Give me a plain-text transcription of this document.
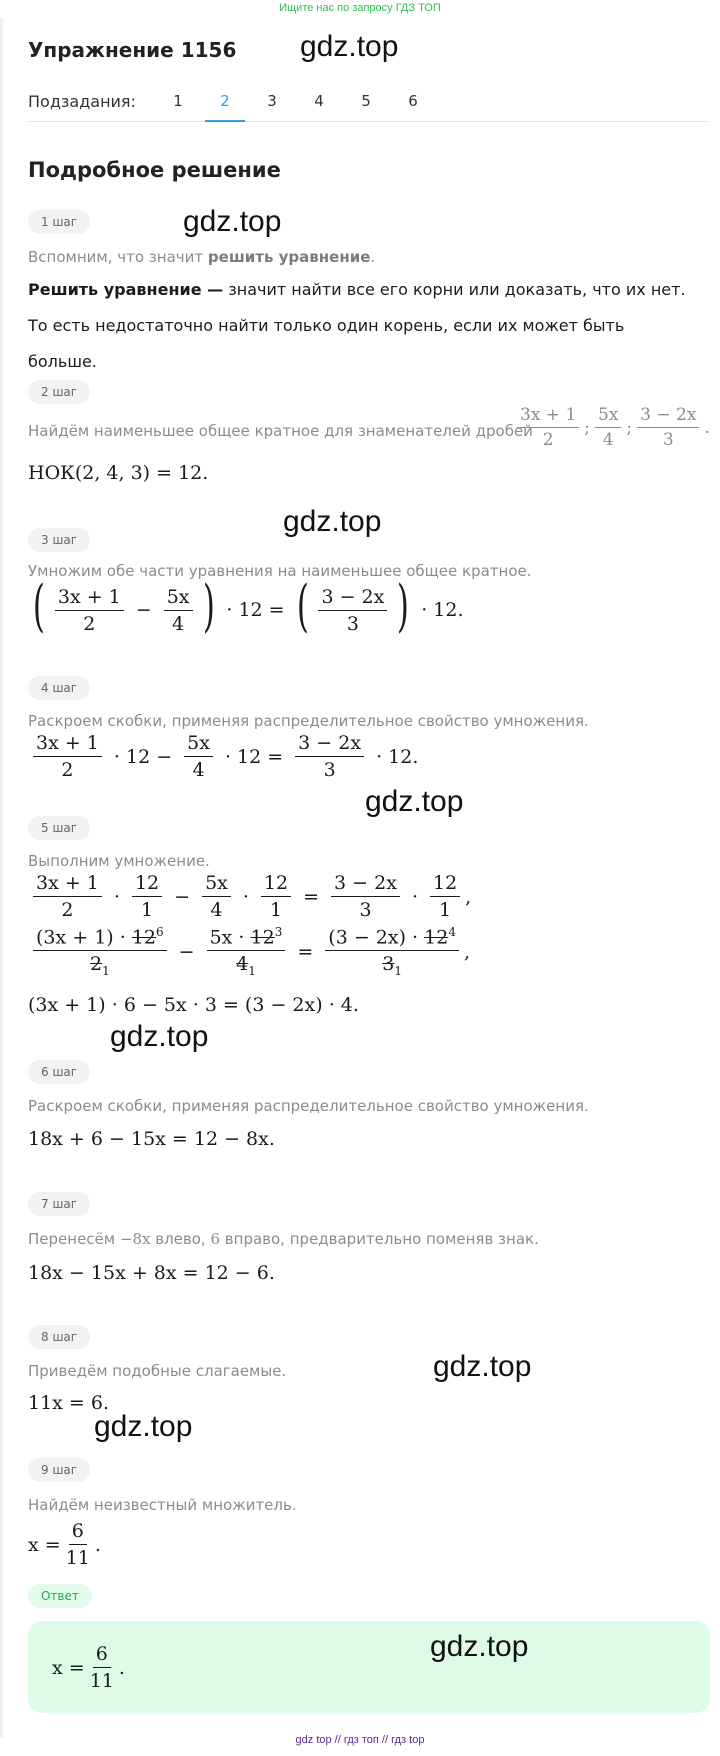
Ищите нас по запросу ГДЗ ТОП
Упражнение 1156 gdz.top
Подзадания:	1	2	3	4	5	6
Подробное решение
1 шаг	gdz.top
Вспомним, что значит решить уравнение.
Решить уравнение — значит найти все его корни или доказать, что их нет. То есть недостаточно найти только один корень, если их может быть больше.
2 шаг
Найдём наименьшее общее кратное для знаменателей дробей
$\frac{3x + 1}{2}$ ; $\frac{5x}{4}$ ; $\frac{3 - 2x}{3}$ .
НОК(2, 4, 3) = 12.
gdz.top
3 шаг
Умножим обе части уравнения на наименьшее общее кратное.
( $\frac{3x + 1}{2} - \frac{5x}{4}$ ) · 12 = ( $\frac{3 - 2x}{3}$ ) · 12.
4 шаг
Раскроем скобки, применяя распределительное свойство умножения.
$\frac{3x + 1}{2} \cdot 12 - \frac{5x}{4} \cdot 12 = \frac{3 - 2x}{3} \cdot 12$.
gdz.top
5 шаг
Выполним умножение.
$\frac{3x + 1}{2} \cdot \frac{12}{1} - \frac{5x}{4} \cdot \frac{12}{1} = \frac{3 - 2x}{3} \cdot \frac{12}{1}$ ,
$\frac{(3x + 1) \cdot 12^6}{2_1} - \frac{5x \cdot 12^3}{4_1} = \frac{(3 - 2x) \cdot 12^4}{3_1}$ ,
(3x + 1) · 6 − 5x · 3 = (3 − 2x) · 4.
gdz.top
6 шаг
Раскроем скобки, применяя распределительное свойство умножения.
18x + 6 − 15x = 12 − 8x.
7 шаг
Перенесём −8x влево, 6 вправо, предварительно поменяв знак.
18x − 15x + 8x = 12 − 6.
8 шаг
gdz.top
Приведём подобные слагаемые.
11x = 6.
gdz.top
9 шаг
Найдём неизвестный множитель.
$x = \frac{6}{11}$ .
Ответ
$x = \frac{6}{11}$ .
gdz.top
gdz top // гдз топ // гдз top
